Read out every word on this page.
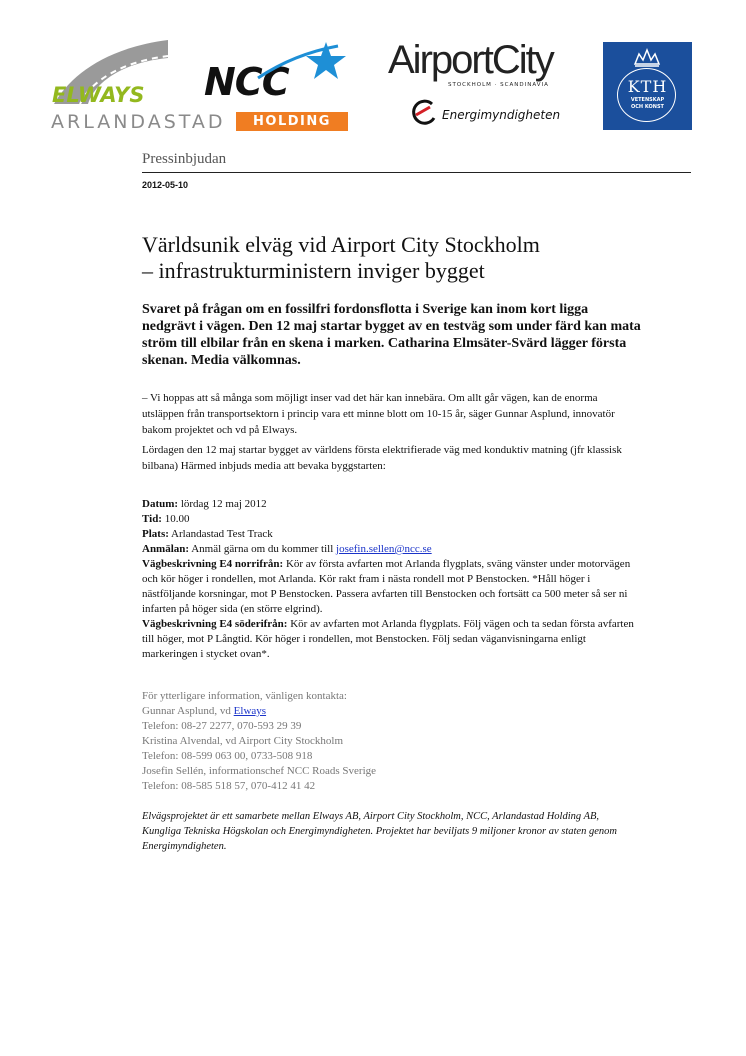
ELWAYS NCC
ARLANDASTAD	HOLDING
AirportCity
STOCKHOLM · SCANDINAVIA
Energimyndigheten
KTH
VETENSKAP
OCH KONST
Pressinbjudan
2012-05-10
Världsunik elväg vid Airport City Stockholm
– infrastrukturministern inviger bygget
Svaret på frågan om en fossilfri fordonsflotta i Sverige kan inom kort ligga nedgrävt i vägen. Den 12 maj startar bygget av en testväg som under färd kan mata ström till elbilar från en skena i marken. Catharina Elmsäter-Svärd lägger första skenan. Media välkomnas.
– Vi hoppas att så många som möjligt inser vad det här kan innebära. Om allt går vägen, kan de enorma utsläppen från transportsektorn i princip vara ett minne blott om 10-15 år, säger Gunnar Asplund, innovatör bakom projektet och vd på Elways.
Lördagen den 12 maj startar bygget av världens första elektrifierade väg med konduktiv matning (jfr klassisk bilbana) Härmed inbjuds media att bevaka byggstarten:
Datum: lördag 12 maj 2012
Tid: 10.00
Plats: Arlandastad Test Track
Anmälan: Anmäl gärna om du kommer till josefin.sellen@ncc.se
Vägbeskrivning E4 norrifrån: Kör av första avfarten mot Arlanda flygplats, sväng vänster under motorvägen och kör höger i rondellen, mot Arlanda. Kör rakt fram i nästa rondell mot P Benstocken. *Håll höger i nästföljande korsningar, mot P Benstocken. Passera avfarten till Benstocken och fortsätt ca 500 meter så ser ni infarten på höger sida (en större elgrind).
Vägbeskrivning E4 söderifrån: Kör av avfarten mot Arlanda flygplats. Följ vägen och ta sedan första avfarten till höger, mot P Långtid. Kör höger i rondellen, mot Benstocken. Följ sedan väganvisningarna enligt markeringen i stycket ovan*.
För ytterligare information, vänligen kontakta:
Gunnar Asplund, vd Elways
Telefon: 08-27 2277, 070-593 29 39
Kristina Alvendal, vd Airport City Stockholm
Telefon: 08-599 063 00, 0733-508 918
Josefin Sellén, informationschef NCC Roads Sverige
Telefon: 08-585 518 57, 070-412 41 42
Elvägsprojektet är ett samarbete mellan Elways AB, Airport City Stockholm, NCC, Arlandastad Holding AB, Kungliga Tekniska Högskolan och Energimyndigheten. Projektet har beviljats 9 miljoner kronor av staten genom Energimyndigheten.
